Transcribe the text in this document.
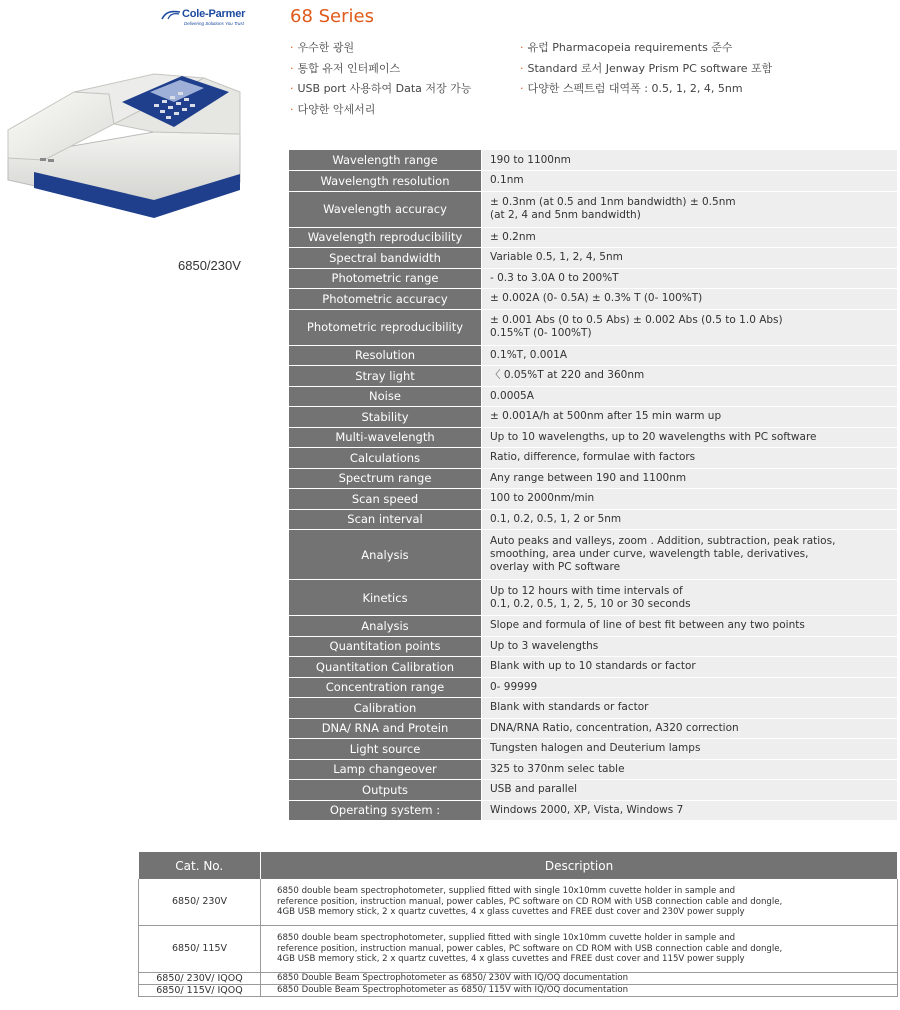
Cole-Parmer
Delivering Solutions You Trust
6850/230V
68 Series
· 우수한 광원
· 통합 유저 인터페이스
· USB port 사용하여 Data 저장 가능
· 다양한 악세서리
· 유럽 Pharmacopeia requirements 준수
· Standard 로서 Jenway Prism PC software 포함
· 다양한 스펙트럼 대역폭 : 0.5, 1, 2, 4, 5nm
Wavelength range	190 to 1100nm
Wavelength resolution	0.1nm
Wavelength accuracy	± 0.3nm (at 0.5 and 1nm bandwidth) ± 0.5nm
(at 2, 4 and 5nm bandwidth)

Wavelength reproducibility	± 0.2nm
Spectral bandwidth	Variable 0.5, 1, 2, 4, 5nm
Photometric range	- 0.3 to 3.0A 0 to 200%T
Photometric accuracy	± 0.002A (0- 0.5A) ± 0.3% T (0- 100%T)
Photometric reproducibility	± 0.001 Abs (0 to 0.5 Abs) ± 0.002 Abs (0.5 to 1.0 Abs)
0.15%T (0- 100%T)

Resolution	0.1%T, 0.001A
Stray light	〈 0.05%T at 220 and 360nm
Noise	0.0005A
Stability	± 0.001A/h at 500nm after 15 min warm up
Multi-wavelength	Up to 10 wavelengths, up to 20 wavelengths with PC software
Calculations	Ratio, difference, formulae with factors
Spectrum range	Any range between 190 and 1100nm
Scan speed	100 to 2000nm/min
Scan interval	0.1, 0.2, 0.5, 1, 2 or 5nm
Analysis	Auto peaks and valleys, zoom . Addition, subtraction, peak ratios,
smoothing, area under curve, wavelength table, derivatives,
overlay with PC software

Kinetics	Up to 12 hours with time intervals of
0.1, 0.2, 0.5, 1, 2, 5, 10 or 30 seconds

Analysis	Slope and formula of line of best fit between any two points
Quantitation points	Up to 3 wavelengths
Quantitation Calibration	Blank with up to 10 standards or factor
Concentration range	0- 99999
Calibration	Blank with standards or factor
DNA/ RNA and Protein	DNA/RNA Ratio, concentration, A320 correction
Light source	Tungsten halogen and Deuterium lamps
Lamp changeover	325 to 370nm selec table
Outputs	USB and parallel
Operating system :	Windows 2000, XP, Vista, Windows 7
Cat. No.	Description
6850/ 230V	6850 double beam spectrophotometer, supplied fitted with single 10x10mm cuvette holder in sample and
reference position, instruction manual, power cables, PC software on CD ROM with USB connection cable and dongle,
4GB USB memory stick, 2 x quartz cuvettes, 4 x glass cuvettes and FREE dust cover and 230V power supply

6850/ 115V	6850 double beam spectrophotometer, supplied fitted with single 10x10mm cuvette holder in sample and
reference position, instruction manual, power cables, PC software on CD ROM with USB connection cable and dongle,
4GB USB memory stick, 2 x quartz cuvettes, 4 x glass cuvettes and FREE dust cover and 115V power supply

6850/ 230V/ IQOQ	6850 Double Beam Spectrophotometer as 6850/ 230V with IQ/OQ documentation
6850/ 115V/ IQOQ	6850 Double Beam Spectrophotometer as 6850/ 115V with IQ/OQ documentation
